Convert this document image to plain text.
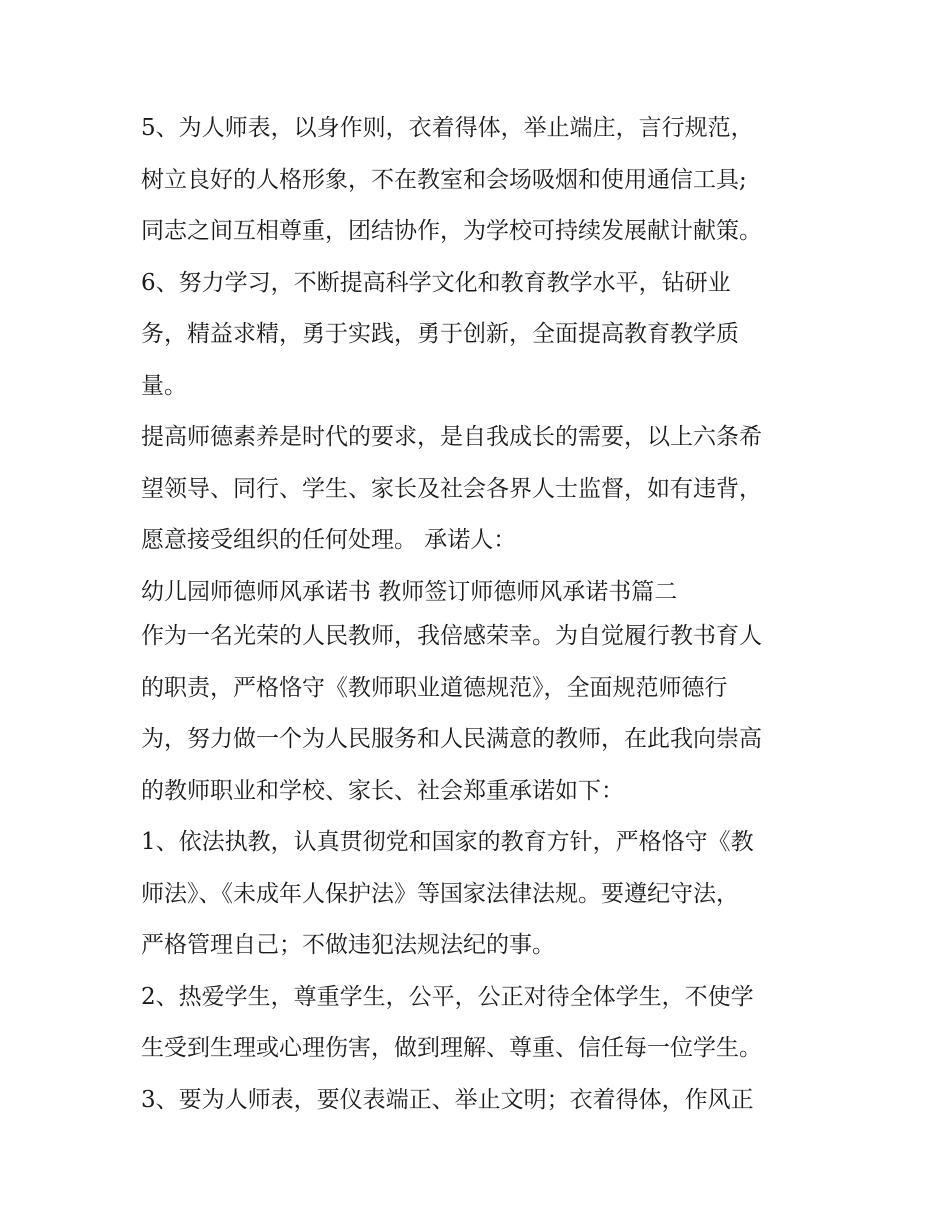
5、为人师表，以身作则，衣着得体，举止端庄，言行规范，
树立良好的人格形象，不在教室和会场吸烟和使用通信工具;
同志之间互相尊重，团结协作，为学校可持续发展献计献策。
6、努力学习，不断提高科学文化和教育教学水平，钻研业
务，精益求精，勇于实践，勇于创新，全面提高教育教学质
量。
提高师德素养是时代的要求，是自我成长的需要，以上六条希
望领导、同行、学生、家长及社会各界人士监督，如有违背，
愿意接受组织的任何处理。 承诺人：
幼儿园师德师风承诺书 教师签订师德师风承诺书篇二
作为一名光荣的人民教师，我倍感荣幸。为自觉履行教书育人
的职责，严格恪守《教师职业道德规范》，全面规范师德行
为，努力做一个为人民服务和人民满意的教师，在此我向崇高
的教师职业和学校、家长、社会郑重承诺如下：
1、依法执教，认真贯彻党和国家的教育方针，严格恪守《教
师法》、《未成年人保护法》等国家法律法规。要遵纪守法，
严格管理自己；不做违犯法规法纪的事。
2、热爱学生，尊重学生，公平，公正对待全体学生，不使学
生受到生理或心理伤害，做到理解、尊重、信任每一位学生。
3、要为人师表，要仪表端正、举止文明；衣着得体，作风正
